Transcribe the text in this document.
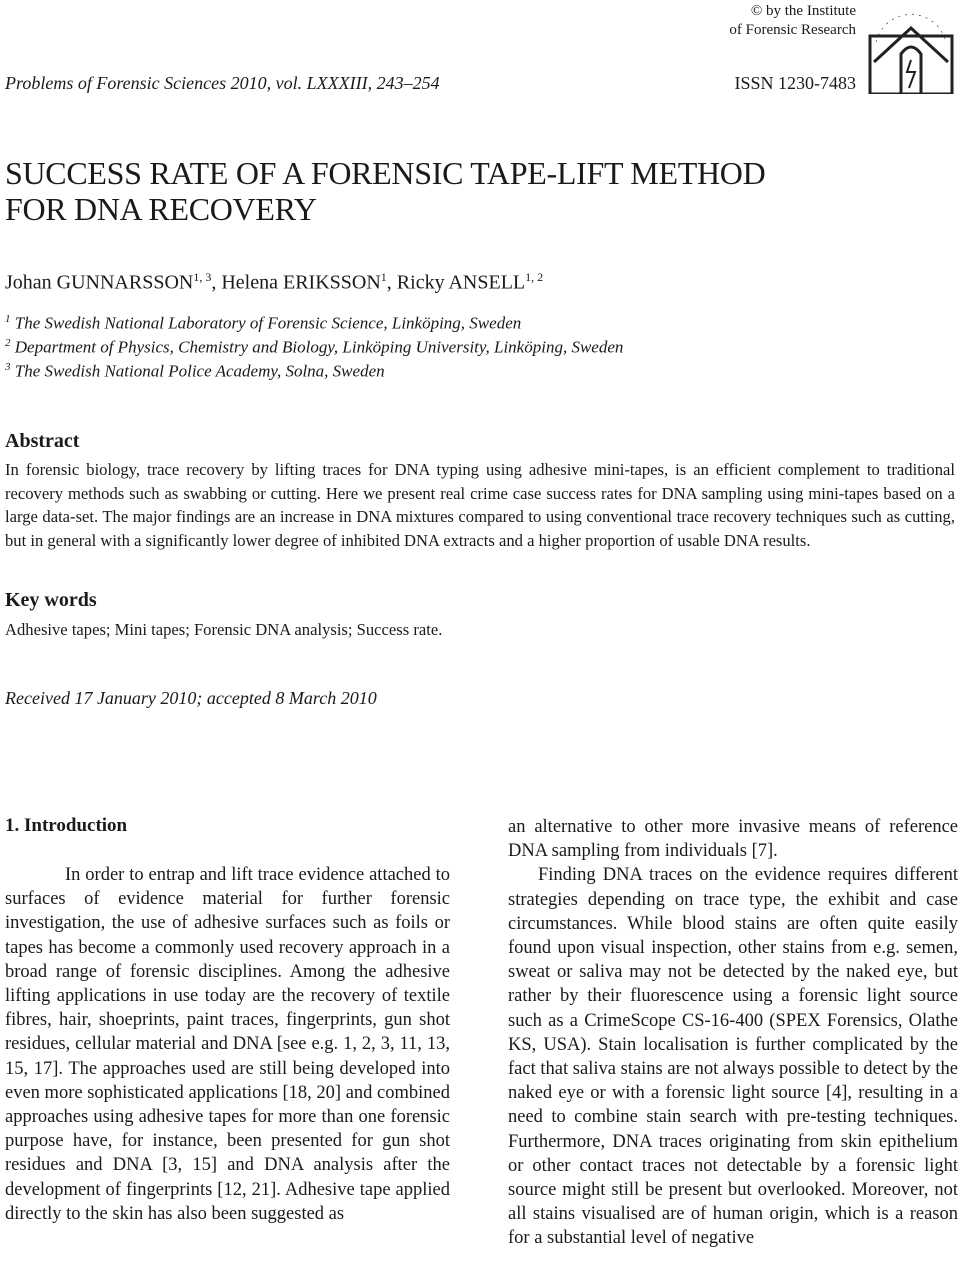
© by the Institute
of Forensic Research
Problems of Forensic Sciences 2010, vol. LXXXIII, 243–254	ISSN 1230-7483
SUCCESS RATE OF A FORENSIC TAPE-LIFT METHOD
FOR DNA RECOVERY
Johan GUNNARSSON$^{1, 3}$, Helena ERIKSSON$^1$, Ricky ANSELL$^{1, 2}$
$^1$ The Swedish National Laboratory of Forensic Science, Linköping, Sweden
$^2$ Department of Physics, Chemistry and Biology, Linköping University, Linköping, Sweden
$^3$ The Swedish National Police Academy, Solna, Sweden
Abstract
In forensic biology, trace recovery by lifting traces for DNA typing using adhesive mini-tapes, is an efficient complement to traditional recovery methods such as swabbing or cutting. Here we present real crime case success rates for DNA sampling using mini-tapes based on a large data-set. The major findings are an increase in DNA mixtures compared to using conventional trace recovery techniques such as cutting, but in general with a significantly lower degree of inhibited DNA extracts and a higher proportion of usable DNA results.
Key words
Adhesive tapes; Mini tapes; Forensic DNA analysis; Success rate.
Received 17 January 2010; accepted 8 March 2010
1. Introduction
In order to entrap and lift trace evidence attached to surfaces of evidence material for further forensic investigation, the use of adhesive surfaces such as foils or tapes has become a commonly used recovery approach in a broad range of forensic disciplines. Among the adhesive lifting applications in use today are the recovery of textile fibres, hair, shoeprints, paint traces, fingerprints, gun shot residues, cellular material and DNA [see e.g. 1, 2, 3, 11, 13, 15, 17]. The approaches used are still being developed into even more sophisticated applications [18, 20] and combined approaches using adhesive tapes for more than one forensic purpose have, for instance, been presented for gun shot residues and DNA [3, 15] and DNA analysis after the development of fingerprints [12, 21]. Adhesive tape applied directly to the skin has also been suggested as

an alternative to other more invasive means of reference DNA sampling from individuals [7].

Finding DNA traces on the evidence requires different strategies depending on trace type, the exhibit and case circumstances. While blood stains are often quite easily found upon visual inspection, other stains from e.g. semen, sweat or saliva may not be detected by the naked eye, but rather by their fluorescence using a forensic light source such as a CrimeScope CS-16-400 (SPEX Forensics, Olathe KS, USA). Stain localisation is further complicated by the fact that saliva stains are not always possible to detect by the naked eye or with a forensic light source [4], resulting in a need to combine stain search with pre-testing techniques. Furthermore, DNA traces originating from skin epithelium or other contact traces not detectable by a forensic light source might still be present but overlooked. Moreover, not all stains visualised are of human origin, which is a reason for a substantial level of negative
